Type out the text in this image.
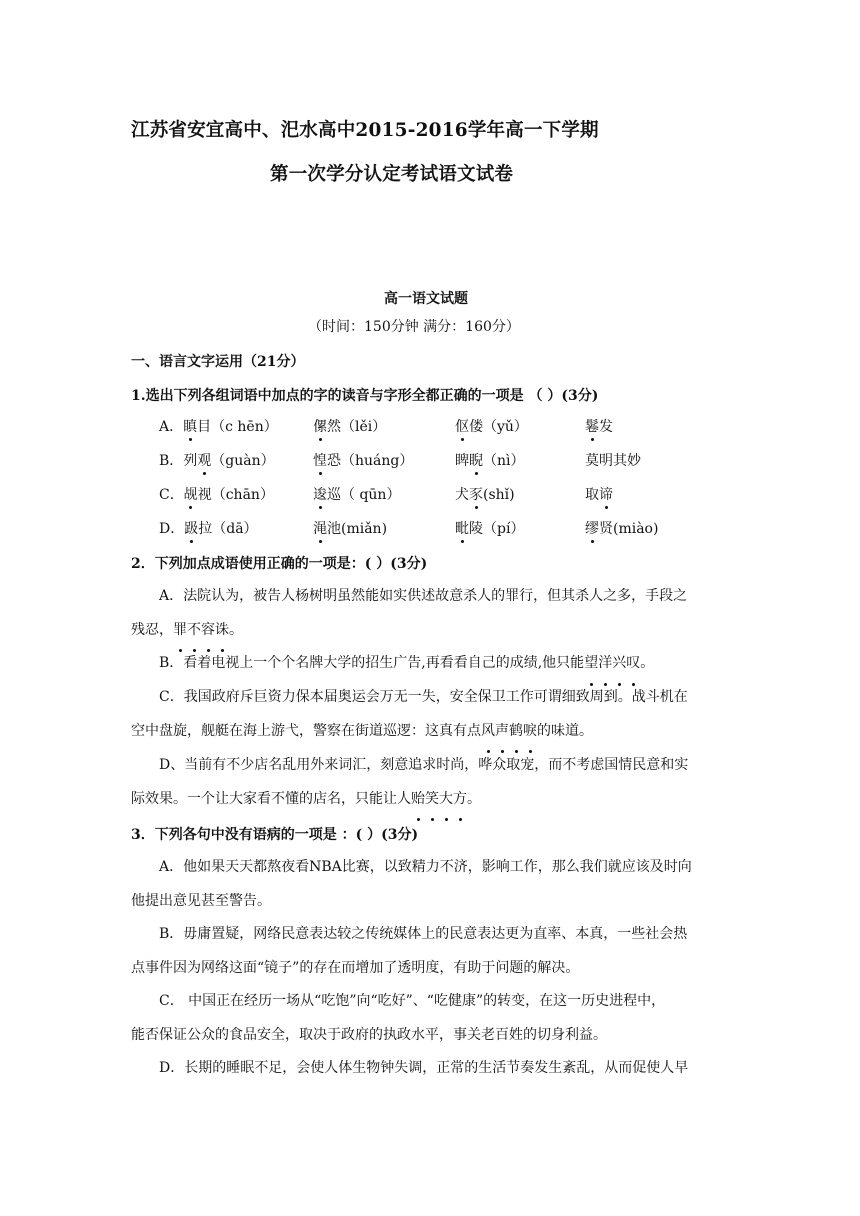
江苏省安宜高中、汜水高中2015-2016学年高一下学期
第一次学分认定考试语文试卷
高一语文试题
（时间：150分钟 满分：160分）
一、语言文字运用（21分）
1.选出下列各组词语中加点的字的读音与字形全都正确的一项是 （ ）(3分)
A．瞋目（c hēn）	傫然（lěi）	伛偻（yǔ）	鬈发
B．列观（guàn）	惶恐（huáng）	睥睨（nì）	莫明其妙
C．觇视（chān）	逡巡（ qūn）	犬豕(shǐ)	取谛
D．趿拉（dā）	渑池(miǎn)	毗陵（pí）	缪贤(miào)
2．下列加点成语使用正确的一项是：( ）(3分)
A．法院认为，被告人杨树明虽然能如实供述故意杀人的罪行，但其杀人之多，手段之
残忍，罪不容诛。
B．看着电视上一个个名牌大学的招生广告,再看看自己的成绩,他只能望洋兴叹。
C．我国政府斥巨资力保本届奥运会万无一失，安全保卫工作可谓细致周到。战斗机在
空中盘旋，舰艇在海上游弋，警察在街道巡逻：这真有点风声鹤唳的味道。
D、当前有不少店名乱用外来词汇，刻意追求时尚，哗众取宠，而不考虑国情民意和实
际效果。一个让大家看不懂的店名，只能让人贻笑大方。
3．下列各句中没有语病的一项是 ：( ）(3分)
A．他如果天天都熬夜看NBA比赛，以致精力不济，影响工作，那么我们就应该及时向
他提出意见甚至警告。
B．毋庸置疑，网络民意表达较之传统媒体上的民意表达更为直率、本真，一些社会热
点事件因为网络这面“镜子”的存在而增加了透明度，有助于问题的解决。
C． 中国正在经历一场从“吃饱”向“吃好”、“吃健康”的转变，在这一历史进程中，
能否保证公众的食品安全，取决于政府的执政水平，事关老百姓的切身利益。
D．长期的睡眠不足，会使人体生物钟失调，正常的生活节奏发生紊乱，从而促使人早
